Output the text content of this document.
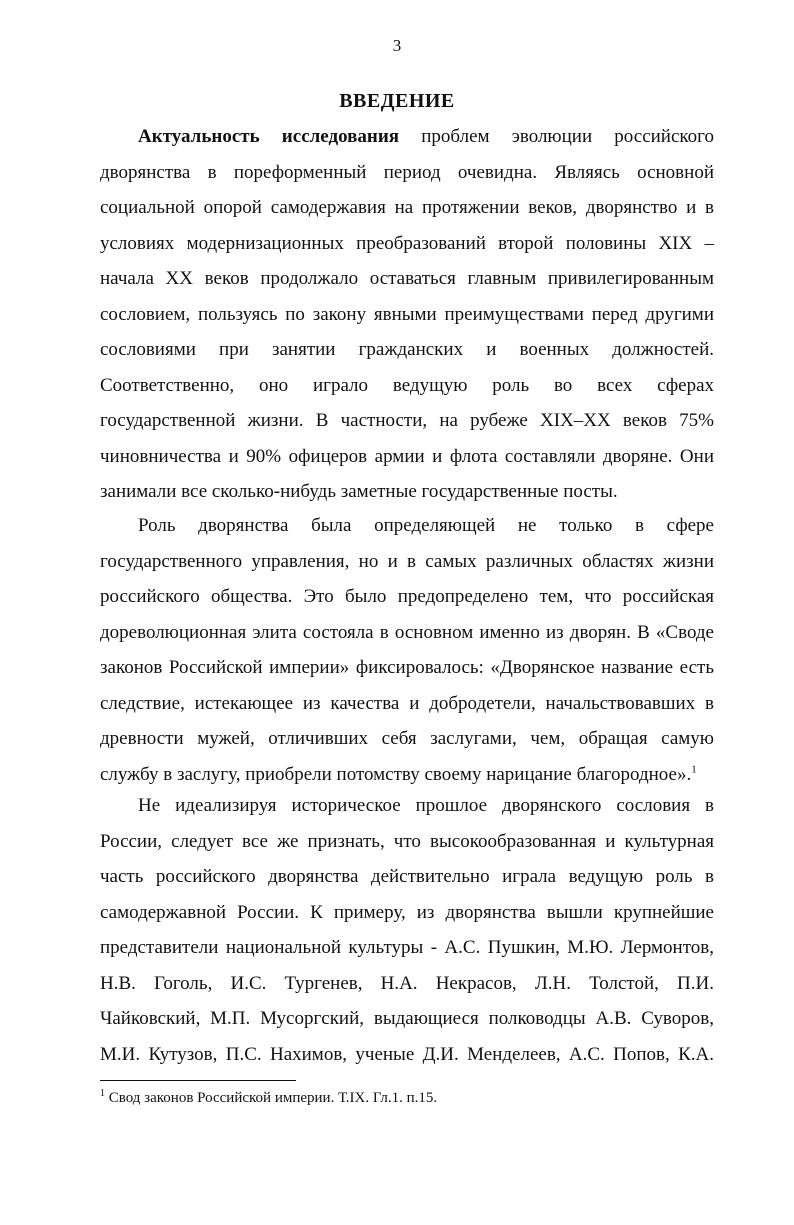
3
ВВЕДЕНИЕ
Актуальность исследования проблем эволюции российского
дворянства в пореформенный период очевидна. Являясь основной
социальной опорой самодержавия на протяжении веков, дворянство и в
условиях модернизационных преобразований второй половины XIX –
начала XX веков продолжало оставаться главным привилегированным
сословием, пользуясь по закону явными преимуществами перед другими
сословиями при занятии гражданских и военных должностей.
Соответственно, оно играло ведущую роль во всех сферах
государственной жизни. В частности, на рубеже XIX–XX веков 75%
чиновничества и 90% офицеров армии и флота составляли дворяне. Они
занимали все сколько-нибудь заметные государственные посты.
Роль дворянства была определяющей не только в сфере
государственного управления, но и в самых различных областях жизни
российского общества. Это было предопределено тем, что российская
дореволюционная элита состояла в основном именно из дворян. В «Своде
законов Российской империи» фиксировалось: «Дворянское название есть
следствие, истекающее из качества и добродетели, начальствовавших в
древности мужей, отличивших себя заслугами, чем, обращая самую
службу в заслугу, приобрели потомству своему нарицание благородное».$^1$
Не идеализируя историческое прошлое дворянского сословия в
России, следует все же признать, что высокообразованная и культурная
часть российского дворянства действительно играла ведущую роль в
самодержавной России. К примеру, из дворянства вышли крупнейшие
представители национальной культуры - А.С. Пушкин, М.Ю. Лермонтов,
Н.В. Гоголь, И.С. Тургенев, Н.А. Некрасов, Л.Н. Толстой, П.И.
Чайковский, М.П. Мусоргский, выдающиеся полководцы А.В. Суворов,
М.И. Кутузов, П.С. Нахимов, ученые Д.И. Менделеев, А.С. Попов, К.А.
$^1$ Свод законов Российской империи. Т.IX. Гл.1. п.15.
